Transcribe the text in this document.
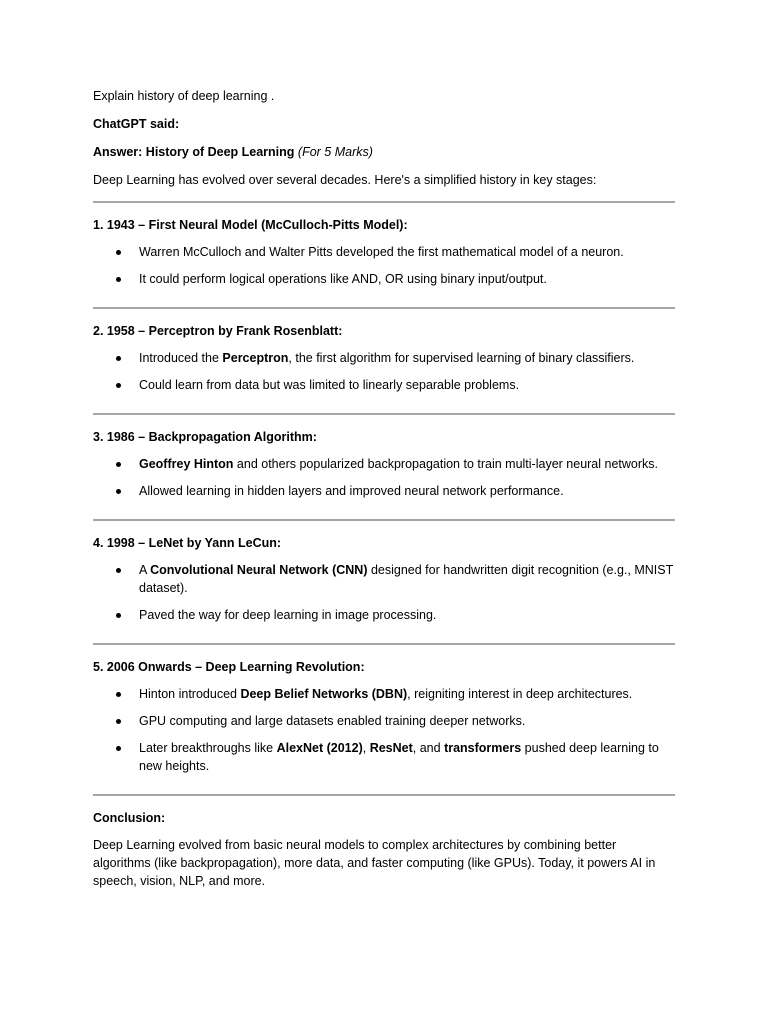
Explain history of deep learning .

ChatGPT said:

Answer: History of Deep Learning (For 5 Marks)

Deep Learning has evolved over several decades. Here's a simplified history in key stages:

1. 1943 – First Neural Model (McCulloch-Pitts Model):

Warren McCulloch and Walter Pitts developed the first mathematical model of a neuron.
It could perform logical operations like AND, OR using binary input/output.

2. 1958 – Perceptron by Frank Rosenblatt:

Introduced the Perceptron, the first algorithm for supervised learning of binary classifiers.
Could learn from data but was limited to linearly separable problems.

3. 1986 – Backpropagation Algorithm:

Geoffrey Hinton and others popularized backpropagation to train multi-layer neural networks.
Allowed learning in hidden layers and improved neural network performance.

4. 1998 – LeNet by Yann LeCun:

A Convolutional Neural Network (CNN) designed for handwritten digit recognition (e.g., MNIST dataset).
Paved the way for deep learning in image processing.

5. 2006 Onwards – Deep Learning Revolution:

Hinton introduced Deep Belief Networks (DBN), reigniting interest in deep architectures.
GPU computing and large datasets enabled training deeper networks.
Later breakthroughs like AlexNet (2012), ResNet, and transformers pushed deep learning to new heights.

Conclusion:

Deep Learning evolved from basic neural models to complex architectures by combining better algorithms (like backpropagation), more data, and faster computing (like GPUs). Today, it powers AI in speech, vision, NLP, and more.
